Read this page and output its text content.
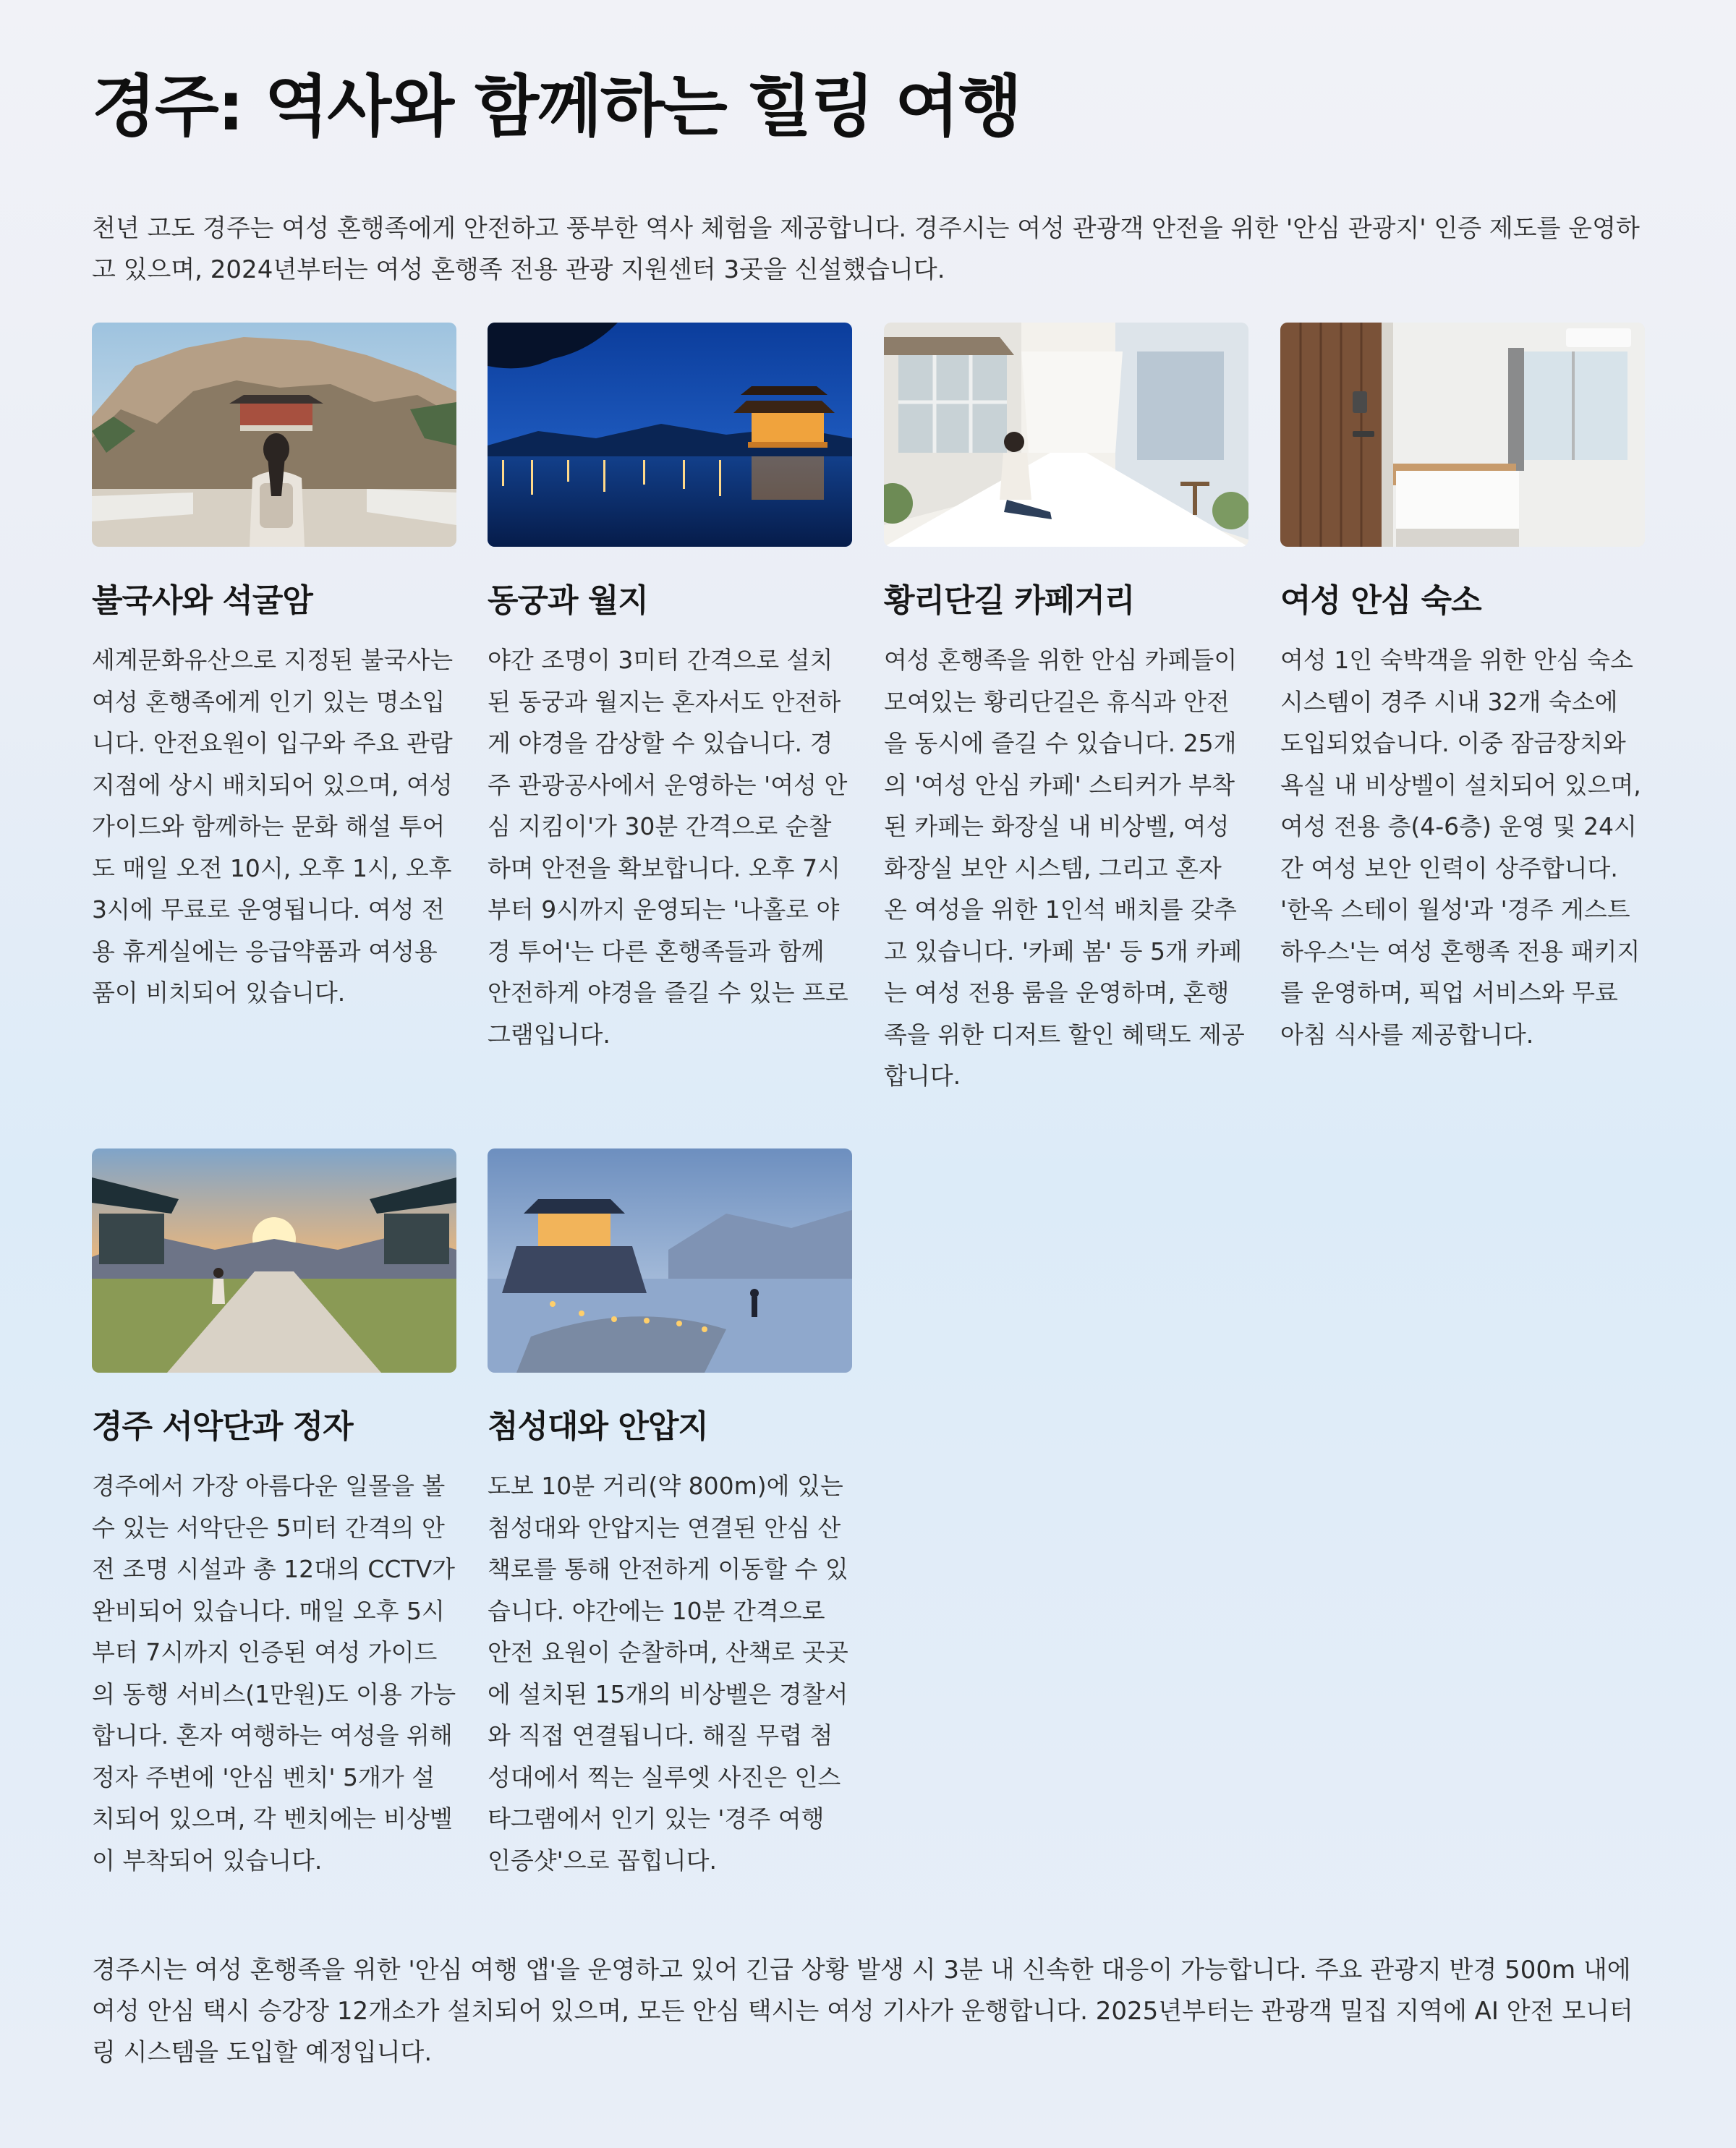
경주: 역사와 함께하는 힐링 여행

천년 고도 경주는 여성 혼행족에게 안전하고 풍부한 역사 체험을 제공합니다. 경주시는 여성 관광객 안전을 위한 '안심 관광지' 인증 제도를 운영하고 있으며, 2024년부터는 여성 혼행족 전용 관광 지원센터 3곳을 신설했습니다.

불국사와 석굴암

세계문화유산으로 지정된 불국사는 여성 혼행족에게 인기 있는 명소입니다. 안전요원이 입구와 주요 관람 지점에 상시 배치되어 있으며, 여성 가이드와 함께하는 문화 해설 투어도 매일 오전 10시, 오후 1시, 오후 3시에 무료로 운영됩니다. 여성 전용 휴게실에는 응급약품과 여성용품이 비치되어 있습니다.

동궁과 월지

야간 조명이 3미터 간격으로 설치된 동궁과 월지는 혼자서도 안전하게 야경을 감상할 수 있습니다. 경주 관광공사에서 운영하는 '여성 안심 지킴이'가 30분 간격으로 순찰하며 안전을 확보합니다. 오후 7시부터 9시까지 운영되는 '나홀로 야경 투어'는 다른 혼행족들과 함께 안전하게 야경을 즐길 수 있는 프로그램입니다.

황리단길 카페거리

여성 혼행족을 위한 안심 카페들이 모여있는 황리단길은 휴식과 안전을 동시에 즐길 수 있습니다. 25개의 '여성 안심 카페' 스티커가 부착된 카페는 화장실 내 비상벨, 여성 화장실 보안 시스템, 그리고 혼자 온 여성을 위한 1인석 배치를 갖추고 있습니다. '카페 봄' 등 5개 카페는 여성 전용 룸을 운영하며, 혼행족을 위한 디저트 할인 혜택도 제공합니다.

여성 안심 숙소

여성 1인 숙박객을 위한 안심 숙소 시스템이 경주 시내 32개 숙소에 도입되었습니다. 이중 잠금장치와 욕실 내 비상벨이 설치되어 있으며, 여성 전용 층(4-6층) 운영 및 24시간 여성 보안 인력이 상주합니다. '한옥 스테이 월성'과 '경주 게스트하우스'는 여성 혼행족 전용 패키지를 운영하며, 픽업 서비스와 무료 아침 식사를 제공합니다.

경주 서악단과 정자

경주에서 가장 아름다운 일몰을 볼 수 있는 서악단은 5미터 간격의 안전 조명 시설과 총 12대의 CCTV가 완비되어 있습니다. 매일 오후 5시부터 7시까지 인증된 여성 가이드의 동행 서비스(1만원)도 이용 가능합니다. 혼자 여행하는 여성을 위해 정자 주변에 '안심 벤치' 5개가 설치되어 있으며, 각 벤치에는 비상벨이 부착되어 있습니다.

첨성대와 안압지

도보 10분 거리(약 800m)에 있는 첨성대와 안압지는 연결된 안심 산책로를 통해 안전하게 이동할 수 있습니다. 야간에는 10분 간격으로 안전 요원이 순찰하며, 산책로 곳곳에 설치된 15개의 비상벨은 경찰서와 직접 연결됩니다. 해질 무렵 첨성대에서 찍는 실루엣 사진은 인스타그램에서 인기 있는 '경주 여행 인증샷'으로 꼽힙니다.

경주시는 여성 혼행족을 위한 '안심 여행 앱'을 운영하고 있어 긴급 상황 발생 시 3분 내 신속한 대응이 가능합니다. 주요 관광지 반경 500m 내에 여성 안심 택시 승강장 12개소가 설치되어 있으며, 모든 안심 택시는 여성 기사가 운행합니다. 2025년부터는 관광객 밀집 지역에 AI 안전 모니터링 시스템을 도입할 예정입니다.
